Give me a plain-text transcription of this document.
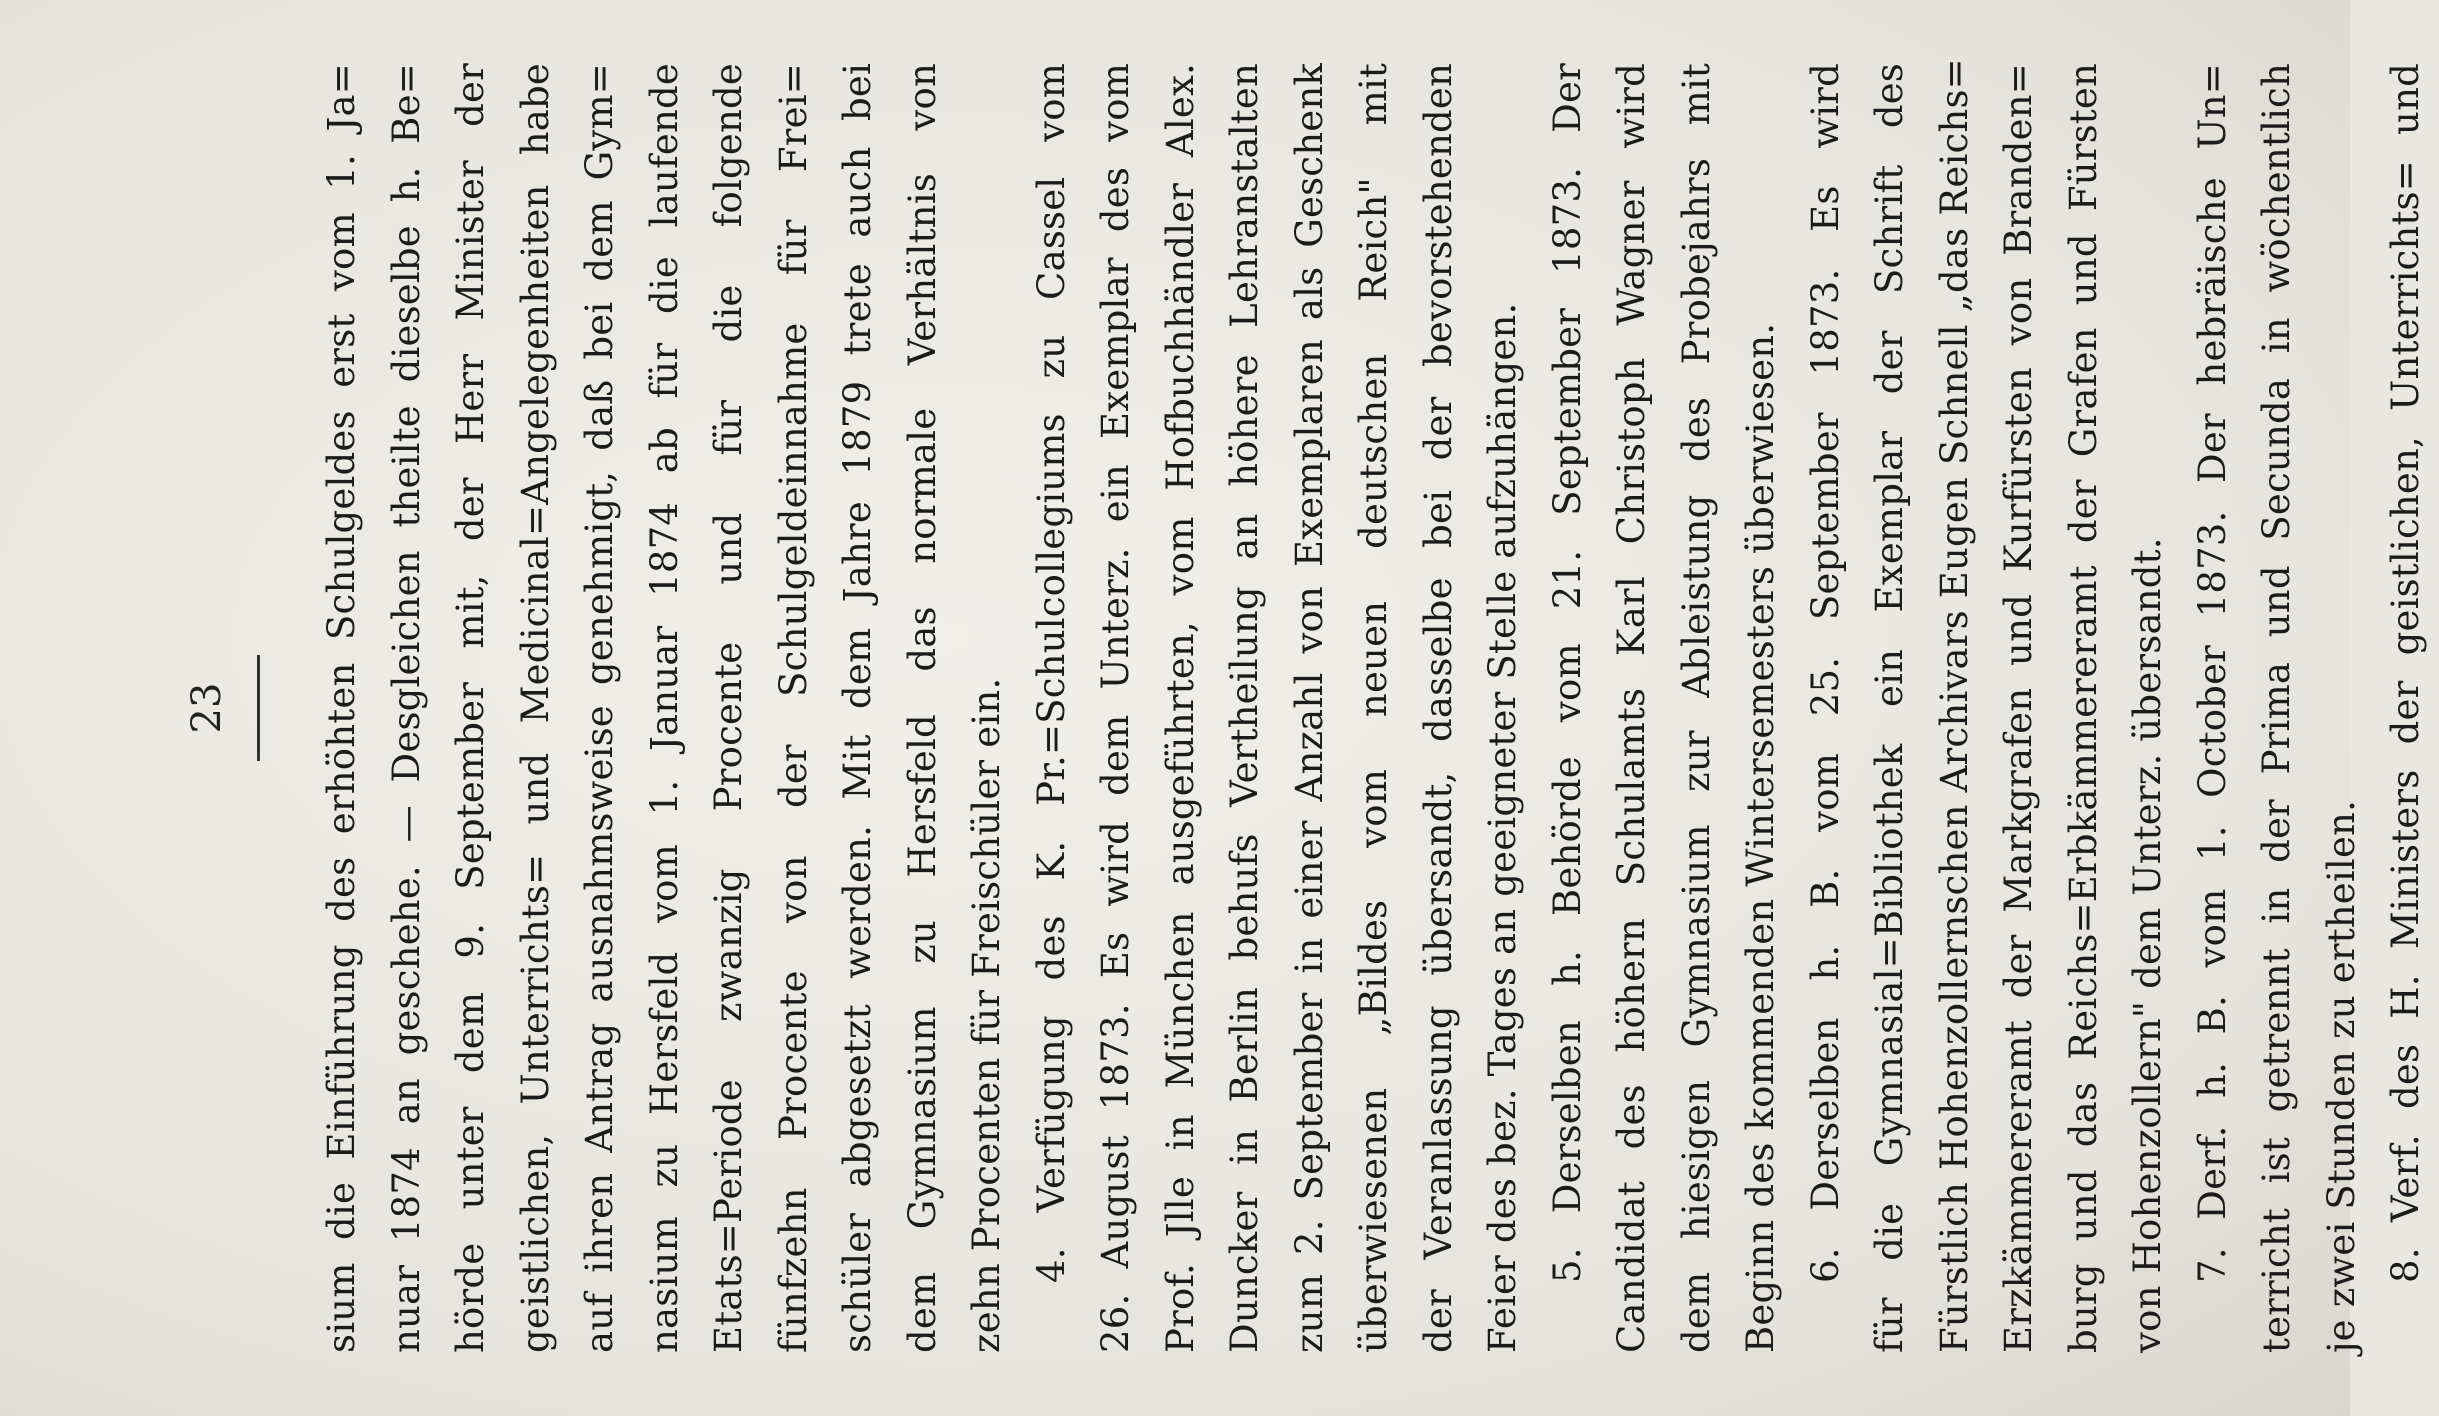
23 sium die Einführung des erhöhten Schulgeldes erst vom 1. Ja= nuar 1874 an geschehe. — Desgleichen theilte dieselbe h. Be= hörde unter dem 9. September mit, der Herr Minister der geistlichen, Unterrichts= und Medicinal=Angelegenheiten habe auf ihren Antrag ausnahmsweise genehmigt, daß bei dem Gym= nasium zu Hersfeld vom 1. Januar 1874 ab für die laufende Etats=Periode zwanzig Procente und für die folgende fünfzehn Procente von der Schulgeldeinnahme für Frei= schüler abgesetzt werden. Mit dem Jahre 1879 trete auch bei dem Gymnasium zu Hersfeld das normale Verhältnis von zehn Procenten für Freischüler ein. 4. Verfügung des K. Pr.=Schulcollegiums zu Cassel vom 26. August 1873. Es wird dem Unterz. ein Exemplar des vom Prof. Jlle in München ausgeführten, vom Hofbuchhändler Alex. Duncker in Berlin behufs Vertheilung an höhere Lehranstalten zum 2. September in einer Anzahl von Exemplaren als Geschenk überwiesenen „Bildes vom neuen deutschen Reich" mit der Veranlassung übersandt, dasselbe bei der bevorstehenden Feier des bez. Tages an geeigneter Stelle aufzuhängen. 5. Derselben h. Behörde vom 21. September 1873. Der Candidat des höhern Schulamts Karl Christoph Wagner wird dem hiesigen Gymnasium zur Ableistung des Probejahrs mit Beginn des kommenden Wintersemesters überwiesen. 6. Derselben h. B. vom 25. September 1873. Es wird für die Gymnasial=Bibliothek ein Exemplar der Schrift des Fürstlich Hohenzollernschen Archivars Eugen Schnell „das Reichs= Erzkämmereramt der Markgrafen und Kurfürsten von Branden= burg und das Reichs=Erbkämmereramt der Grafen und Fürsten von Hohenzollern" dem Unterz. übersandt. 7. Derf. h. B. vom 1. October 1873. Der hebräische Un= terricht ist getrennt in der Prima und Secunda in wöchentlich je zwei Stunden zu ertheilen. 8. Verf. des H. Ministers der geistlichen, Unterrichts= und
